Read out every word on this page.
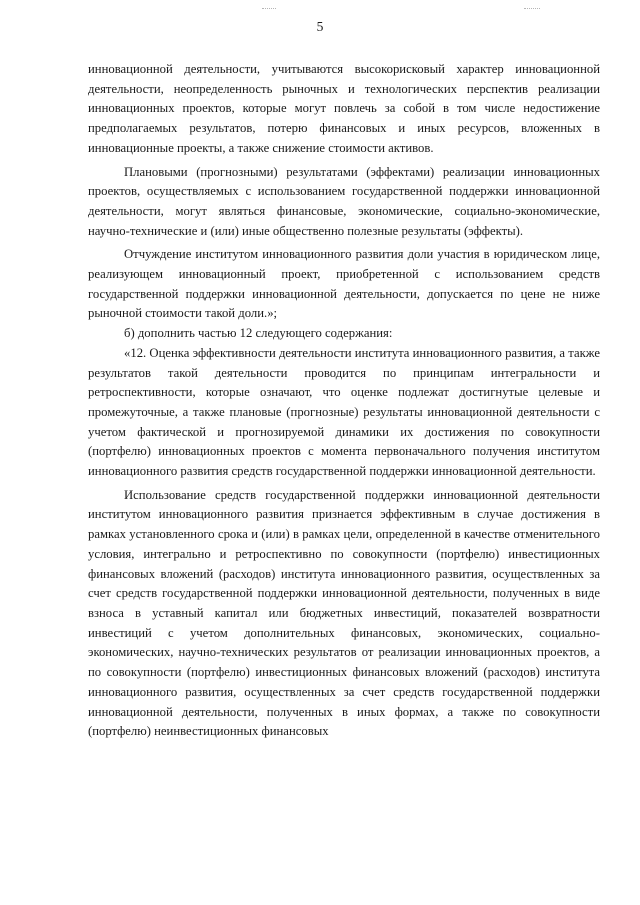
5

инновационной деятельности, учитываются высокорисковый характер инновационной деятельности, неопределенность рыночных и технологических перспектив реализации инновационных проектов, которые могут повлечь за собой в том числе недостижение предполагаемых результатов, потерю финансовых и иных ресурсов, вложенных в инновационные проекты, а также снижение стоимости активов.

Плановыми (прогнозными) результатами (эффектами) реализации инновационных проектов, осуществляемых с использованием государственной поддержки инновационной деятельности, могут являться финансовые, экономические, социально-экономические, научно-технические и (или) иные общественно полезные результаты (эффекты).

Отчуждение институтом инновационного развития доли участия в юридическом лице, реализующем инновационный проект, приобретенной с использованием средств государственной поддержки инновационной деятельности, допускается по цене не ниже рыночной стоимости такой доли.»;

б) дополнить частью 12 следующего содержания:

«12. Оценка эффективности деятельности института инновационного развития, а также результатов такой деятельности проводится по принципам интегральности и ретроспективности, которые означают, что оценке подлежат достигнутые целевые и промежуточные, а также плановые (прогнозные) результаты инновационной деятельности с учетом фактической и прогнозируемой динамики их достижения по совокупности (портфелю) инновационных проектов с момента первоначального получения институтом инновационного развития средств государственной поддержки инновационной деятельности.

Использование средств государственной поддержки инновационной деятельности институтом инновационного развития признается эффективным в случае достижения в рамках установленного срока и (или) в рамках цели, определенной в качестве отменительного условия, интегрально и ретроспективно по совокупности (портфелю) инвестиционных финансовых вложений (расходов) института инновационного развития, осуществленных за счет средств государственной поддержки инновационной деятельности, полученных в виде взноса в уставный капитал или бюджетных инвестиций, показателей возвратности инвестиций с учетом дополнительных финансовых, экономических, социально-экономических, научно-технических результатов от реализации инновационных проектов, а по совокупности (портфелю) инвестиционных финансовых вложений (расходов) института инновационного развития, осуществленных за счет средств государственной поддержки инновационной деятельности, полученных в иных формах, а также по совокупности (портфелю) неинвестиционных финансовых
